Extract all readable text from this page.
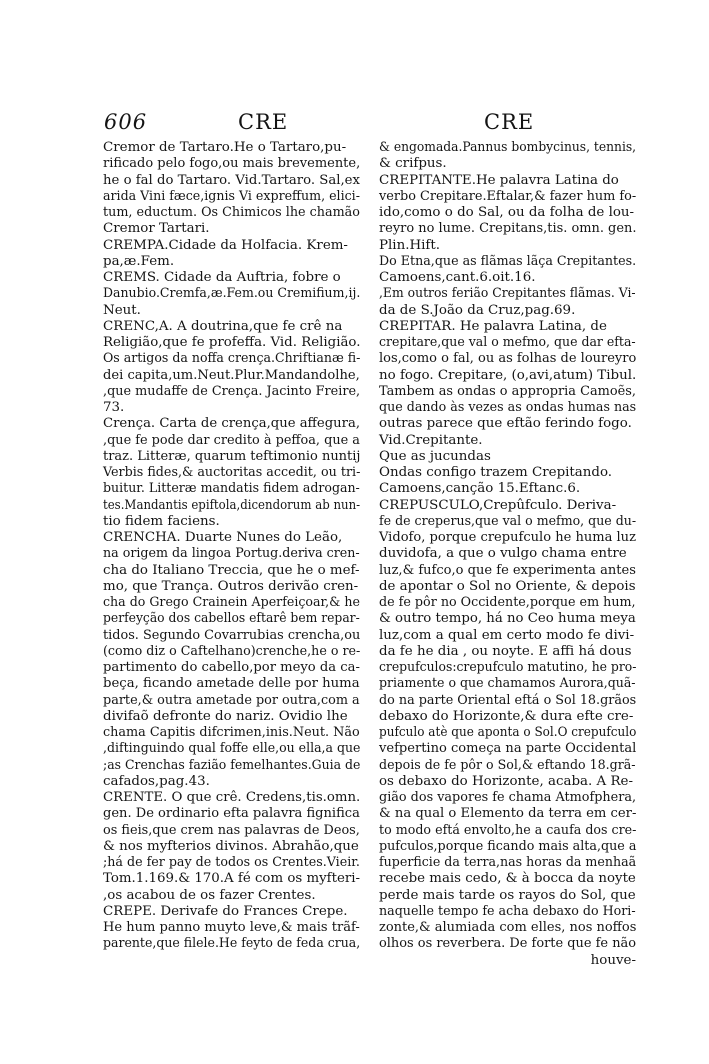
606	CRE	CRE
Cremor de Tartaro.He o Tartaro,pu-
rificado pelo fogo,ou mais brevemente,
he o fal do Tartaro. Vid.Tartaro. Sal,ex
arida Vini fæce,ignis Vi expreffum, elici-
tum, eductum. Os Chimicos lhe chamão
Cremor Tartari.
CREMPA.Cidade da Holfacia. Krem-
pa,æ.Fem.
CREMS. Cidade da Auftria, fobre o
Danubio.Cremfa,æ.Fem.ou Cremifium,ij.
Neut.
CRENC,A. A doutrina,que fe crê na
Religião,que fe profeffa. Vid. Religião.
Os artigos da noffa crença.Chriftianæ fi-
dei capita,um.Neut.Plur.Mandandolhe,
,que mudaffe de Crença. Jacinto Freire,
73.
Crença. Carta de crença,que affegura,
,que fe pode dar credito à peffoa, que a
traz. Litteræ, quarum teftimonio nuntij
Verbis fides,& auctoritas accedit, ou tri-
buitur. Litteræ mandatis fidem adrogan-
tes.Mandantis epiftola,dicendorum ab nun-
tio fidem faciens.
CRENCHA. Duarte Nunes do Leão,
na origem da lingoa Portug.deriva cren-
cha do Italiano Treccia, que he o mef-
mo, que Trança. Outros derivão cren-
cha do Grego Crainein Aperfeiçoar,& he
perfeyção dos cabellos eftarê bem repar-
tidos. Segundo Covarrubias crencha,ou
(como diz o Caftelhano)crenche,he o re-
partimento do cabello,por meyo da ca-
beça, ficando ametade delle por huma
parte,& outra ametade por outra,com a
divifaõ defronte do nariz. Ovidio lhe
chama Capitis difcrimen,inis.Neut. Não
,diftinguindo qual foffe elle,ou ella,a que
;as Crenchas fazião femelhantes.Guia de
cafados,pag.43.
CRENTE. O que crê. Credens,tis.omn.
gen. De ordinario efta palavra fignifica
os fieis,que crem nas palavras de Deos,
& nos myfterios divinos. Abrahão,que
;há de fer pay de todos os Crentes.Vieir.
Tom.1.169.& 170.A fé com os myfteri-
,os acabou de os fazer Crentes.
CREPE. Derivafe do Frances Crepe.
He hum panno muyto leve,& mais trãf-
parente,que filele.He feyto de feda crua,
& engomada.Pannus bombycinus, tennis,
& crifpus.
CREPITANTE.He palavra Latina do
verbo Crepitare.Eftalar,& fazer hum fo-
ido,como o do Sal, ou da folha de lou-
reyro no lume. Crepitans,tis. omn. gen.
Plin.Hift.
Do Etna,que as flãmas lãça Crepitantes.
Camoens,cant.6.oit.16.
,Em outros ferião Crepitantes flãmas. Vi-
da de S.João da Cruz,pag.69.
CREPITAR. He palavra Latina, de
crepitare,que val o mefmo, que dar efta-
los,como o fal, ou as folhas de loureyro
no fogo. Crepitare, (o,avi,atum) Tibul.
Tambem as ondas o appropria Camoẽs,
que dando às vezes as ondas humas nas
outras parece que eftão ferindo fogo.
Vid.Crepitante.
Que as jucundas
Ondas configo trazem Crepitando.
Camoens,canção 15.Eftanc.6.
CREPUSCULO,Crepûfculo. Deriva-
fe de creperus,que val o mefmo, que du-
Vidofo, porque crepufculo he huma luz
duvidofa, a que o vulgo chama entre
luz,& fufco,o que fe experimenta antes
de apontar o Sol no Oriente, & depois
de fe pôr no Occidente,porque em hum,
& outro tempo, há no Ceo huma meya
luz,com a qual em certo modo fe divi-
da fe he dia , ou noyte. E affi há dous
crepufculos:crepufculo matutino, he pro-
priamente o que chamamos Aurora,quã-
do na parte Oriental eftá o Sol 18.grãos
debaxo do Horizonte,& dura efte cre-
pufculo atè que aponta o Sol.O crepufculo
vefpertino começa na parte Occidental
depois de fe pôr o Sol,& eftando 18.grã-
os debaxo do Horizonte, acaba. A Re-
gião dos vapores fe chama Atmofphera,
& na qual o Elemento da terra em cer-
to modo eftá envolto,he a caufa dos cre-
pufculos,porque ficando mais alta,que a
fuperficie da terra,nas horas da menhaã
recebe mais cedo, & à bocca da noyte
perde mais tarde os rayos do Sol, que
naquelle tempo fe acha debaxo do Hori-
zonte,& alumiada com elles, nos noffos
olhos os reverbera. De forte que fe não
houve-
